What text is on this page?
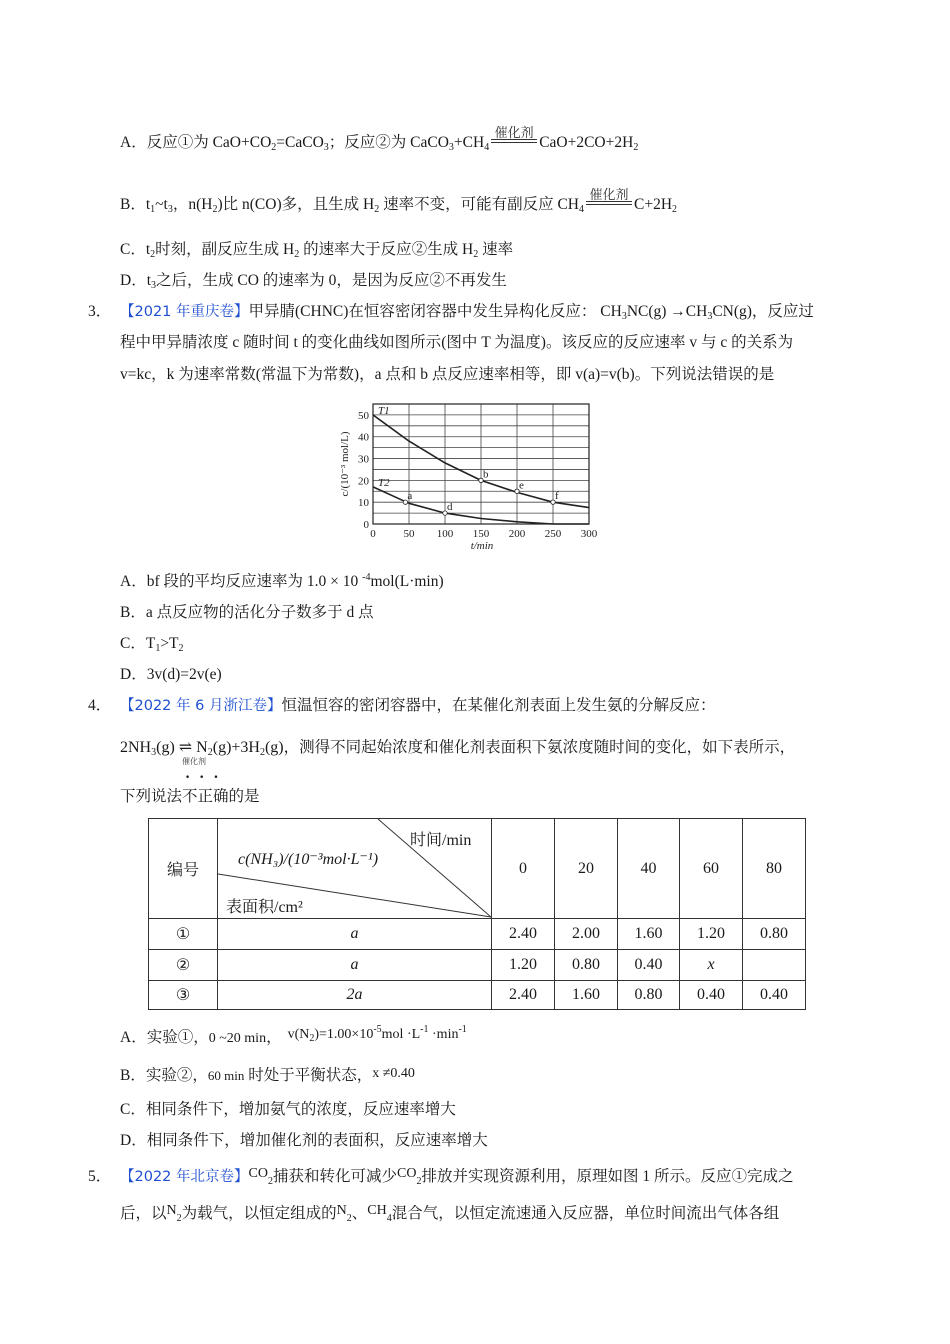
A．反应①为 $CaO+CO_2=CaCO_3$；反应②为 $CaCO_3+CH_4$
催化剂
$CaO+2CO+2H_2$
B．$t_1\sim t_3$，$n(H_2)$比 n(CO)多，且生成 $H_2$ 速率不变，可能有副反应 $CH_4$
催化剂
$C+2H_2$
C．$t_2$时刻，副反应生成 $H_2$ 的速率大于反应②生成 $H_2$ 速率
D．$t_3$之后，生成 CO 的速率为 0，是因为反应②不再发生
3． 【2021 年重庆卷】甲异腈(CHNC)在恒容密闭容器中发生异构化反应： $CH_3NC(g) \to CH_3CN(g)$，反应过
程中甲异腈浓度 c 随时间 t 的变化曲线如图所示(图中 T 为温度)。该反应的反应速率 v 与 c 的关系为
v=kc，k 为速率常数(常温下为常数)，a 点和 b 点反应速率相等，即 v(a)=v(b)。下列说法错误的是
0
10
20
30
40
50
0	50 100 150 200 250 300
c/(10⁻³ mol/L)
t/min
T1
b
e
f
T2
a
d
A．bf 段的平均反应速率为 1.0 × 10 $^{-4}$mol(L·min)
B．a 点反应物的活化分子数多于 d 点
C．$T_1>T_2$
D．3v(d)=2v(e)
4． 【2022 年 6 月浙江卷】恒温恒容的密闭容器中，在某催化剂表面上发生氨的分解反应：
$2NH_3(g)$ ⇌ $N_2(g)+3H_2(g)$，测得不同起始浓度和催化剂表面积下氨浓度随时间的变化，如下表所示，
催化剂
下列说法不正确
···
的是
编号	时间/min
c(NH₃)/(10⁻³mol·L⁻¹)
表面积/cm²	0	20	40	60	80
①	a	2.40	2.00	1.60	1.20	0.80
②	a	1.20	0.80	0.40	x	
③	2a	2.40	1.60	0.80	0.40	0.40
A．实验①，0 ~20 min， $v(N_2)=1.00\times 10^{-5}mol \cdot L^{-1} \cdot\min^{-1}$
B．实验②，60 min 时处于平衡状态，x ≠0.40
C．相同条件下，增加氨气的浓度，反应速率增大
D．相同条件下，增加催化剂的表面积，反应速率增大
5． 【2022 年北京卷】$CO_2$捕获和转化可减少$CO_2$排放并实现资源利用，原理如图 1 所示。反应①完成之
后，以$N_2$为载气，以恒定组成的$N_2$、$CH_4$混合气，以恒定流速通入反应器，单位时间流出气体各组
